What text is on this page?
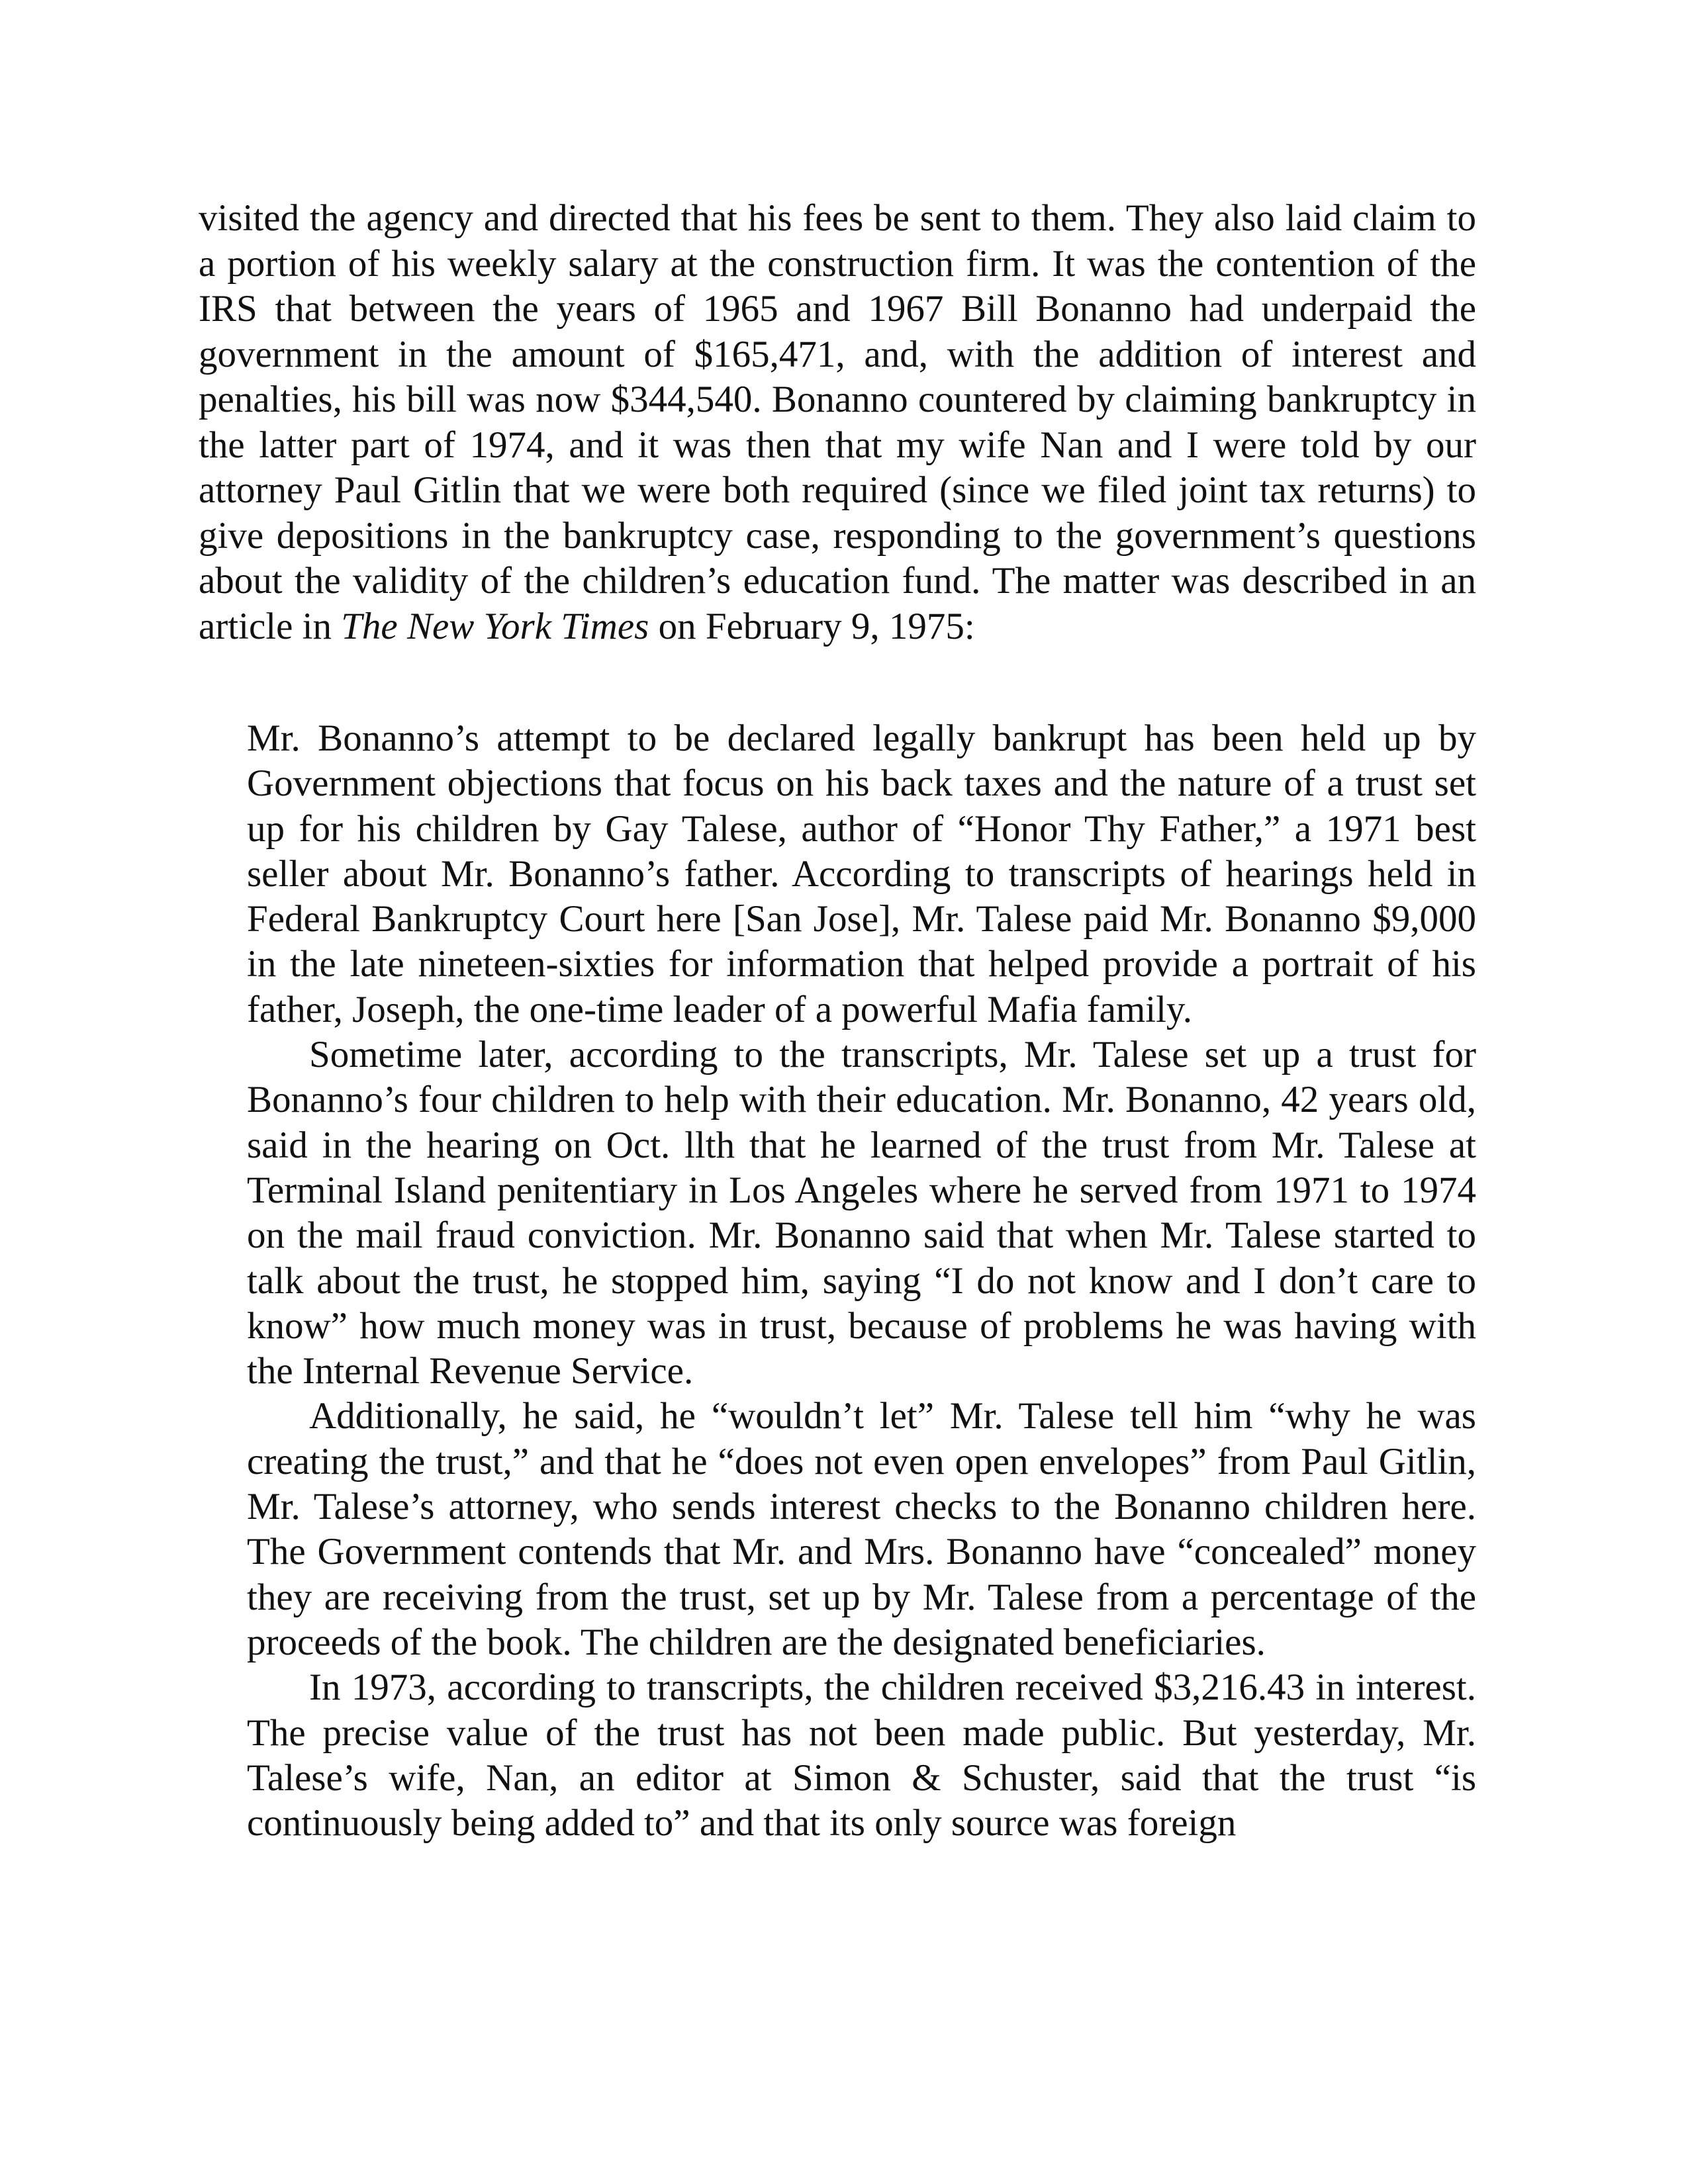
visited the agency and directed that his fees be sent to them. They also laid claim to a portion of his weekly salary at the construction firm. It was the contention of the IRS that between the years of 1965 and 1967 Bill Bonanno had underpaid the government in the amount of $165,471, and, with the addition of interest and penalties, his bill was now $344,540. Bonanno countered by claiming bankruptcy in the latter part of 1974, and it was then that my wife Nan and I were told by our attorney Paul Gitlin that we were both required (since we filed joint tax returns) to give depositions in the bankruptcy case, responding to the government’s questions about the validity of the children’s education fund. The matter was described in an article in The New York Times on February 9, 1975:

Mr. Bonanno’s attempt to be declared legally bankrupt has been held up by Government objections that focus on his back taxes and the nature of a trust set up for his children by Gay Talese, author of “Honor Thy Father,” a 1971 best seller about Mr. Bonanno’s father. According to transcripts of hearings held in Federal Bankruptcy Court here [San Jose], Mr. Talese paid Mr. Bonanno $9,000 in the late nineteen-sixties for information that helped provide a portrait of his father, Joseph, the one-time leader of a powerful Mafia family.

Sometime later, according to the transcripts, Mr. Talese set up a trust for Bonanno’s four children to help with their education. Mr. Bonanno, 42 years old, said in the hearing on Oct. llth that he learned of the trust from Mr. Talese at Terminal Island penitentiary in Los Angeles where he served from 1971 to 1974 on the mail fraud conviction. Mr. Bonanno said that when Mr. Talese started to talk about the trust, he stopped him, saying “I do not know and I don’t care to know” how much money was in trust, because of problems he was having with the Internal Revenue Service.

Additionally, he said, he “wouldn’t let” Mr. Talese tell him “why he was creating the trust,” and that he “does not even open envelopes” from Paul Gitlin, Mr. Talese’s attorney, who sends interest checks to the Bonanno children here. The Government contends that Mr. and Mrs. Bonanno have “concealed” money they are receiving from the trust, set up by Mr. Talese from a percentage of the proceeds of the book. The children are the designated beneficiaries.

In 1973, according to transcripts, the children received $3,216.43 in interest. The precise value of the trust has not been made public. But yesterday, Mr. Talese’s wife, Nan, an editor at Simon & Schuster, said that the trust “is continuously being added to” and that its only source was foreign
